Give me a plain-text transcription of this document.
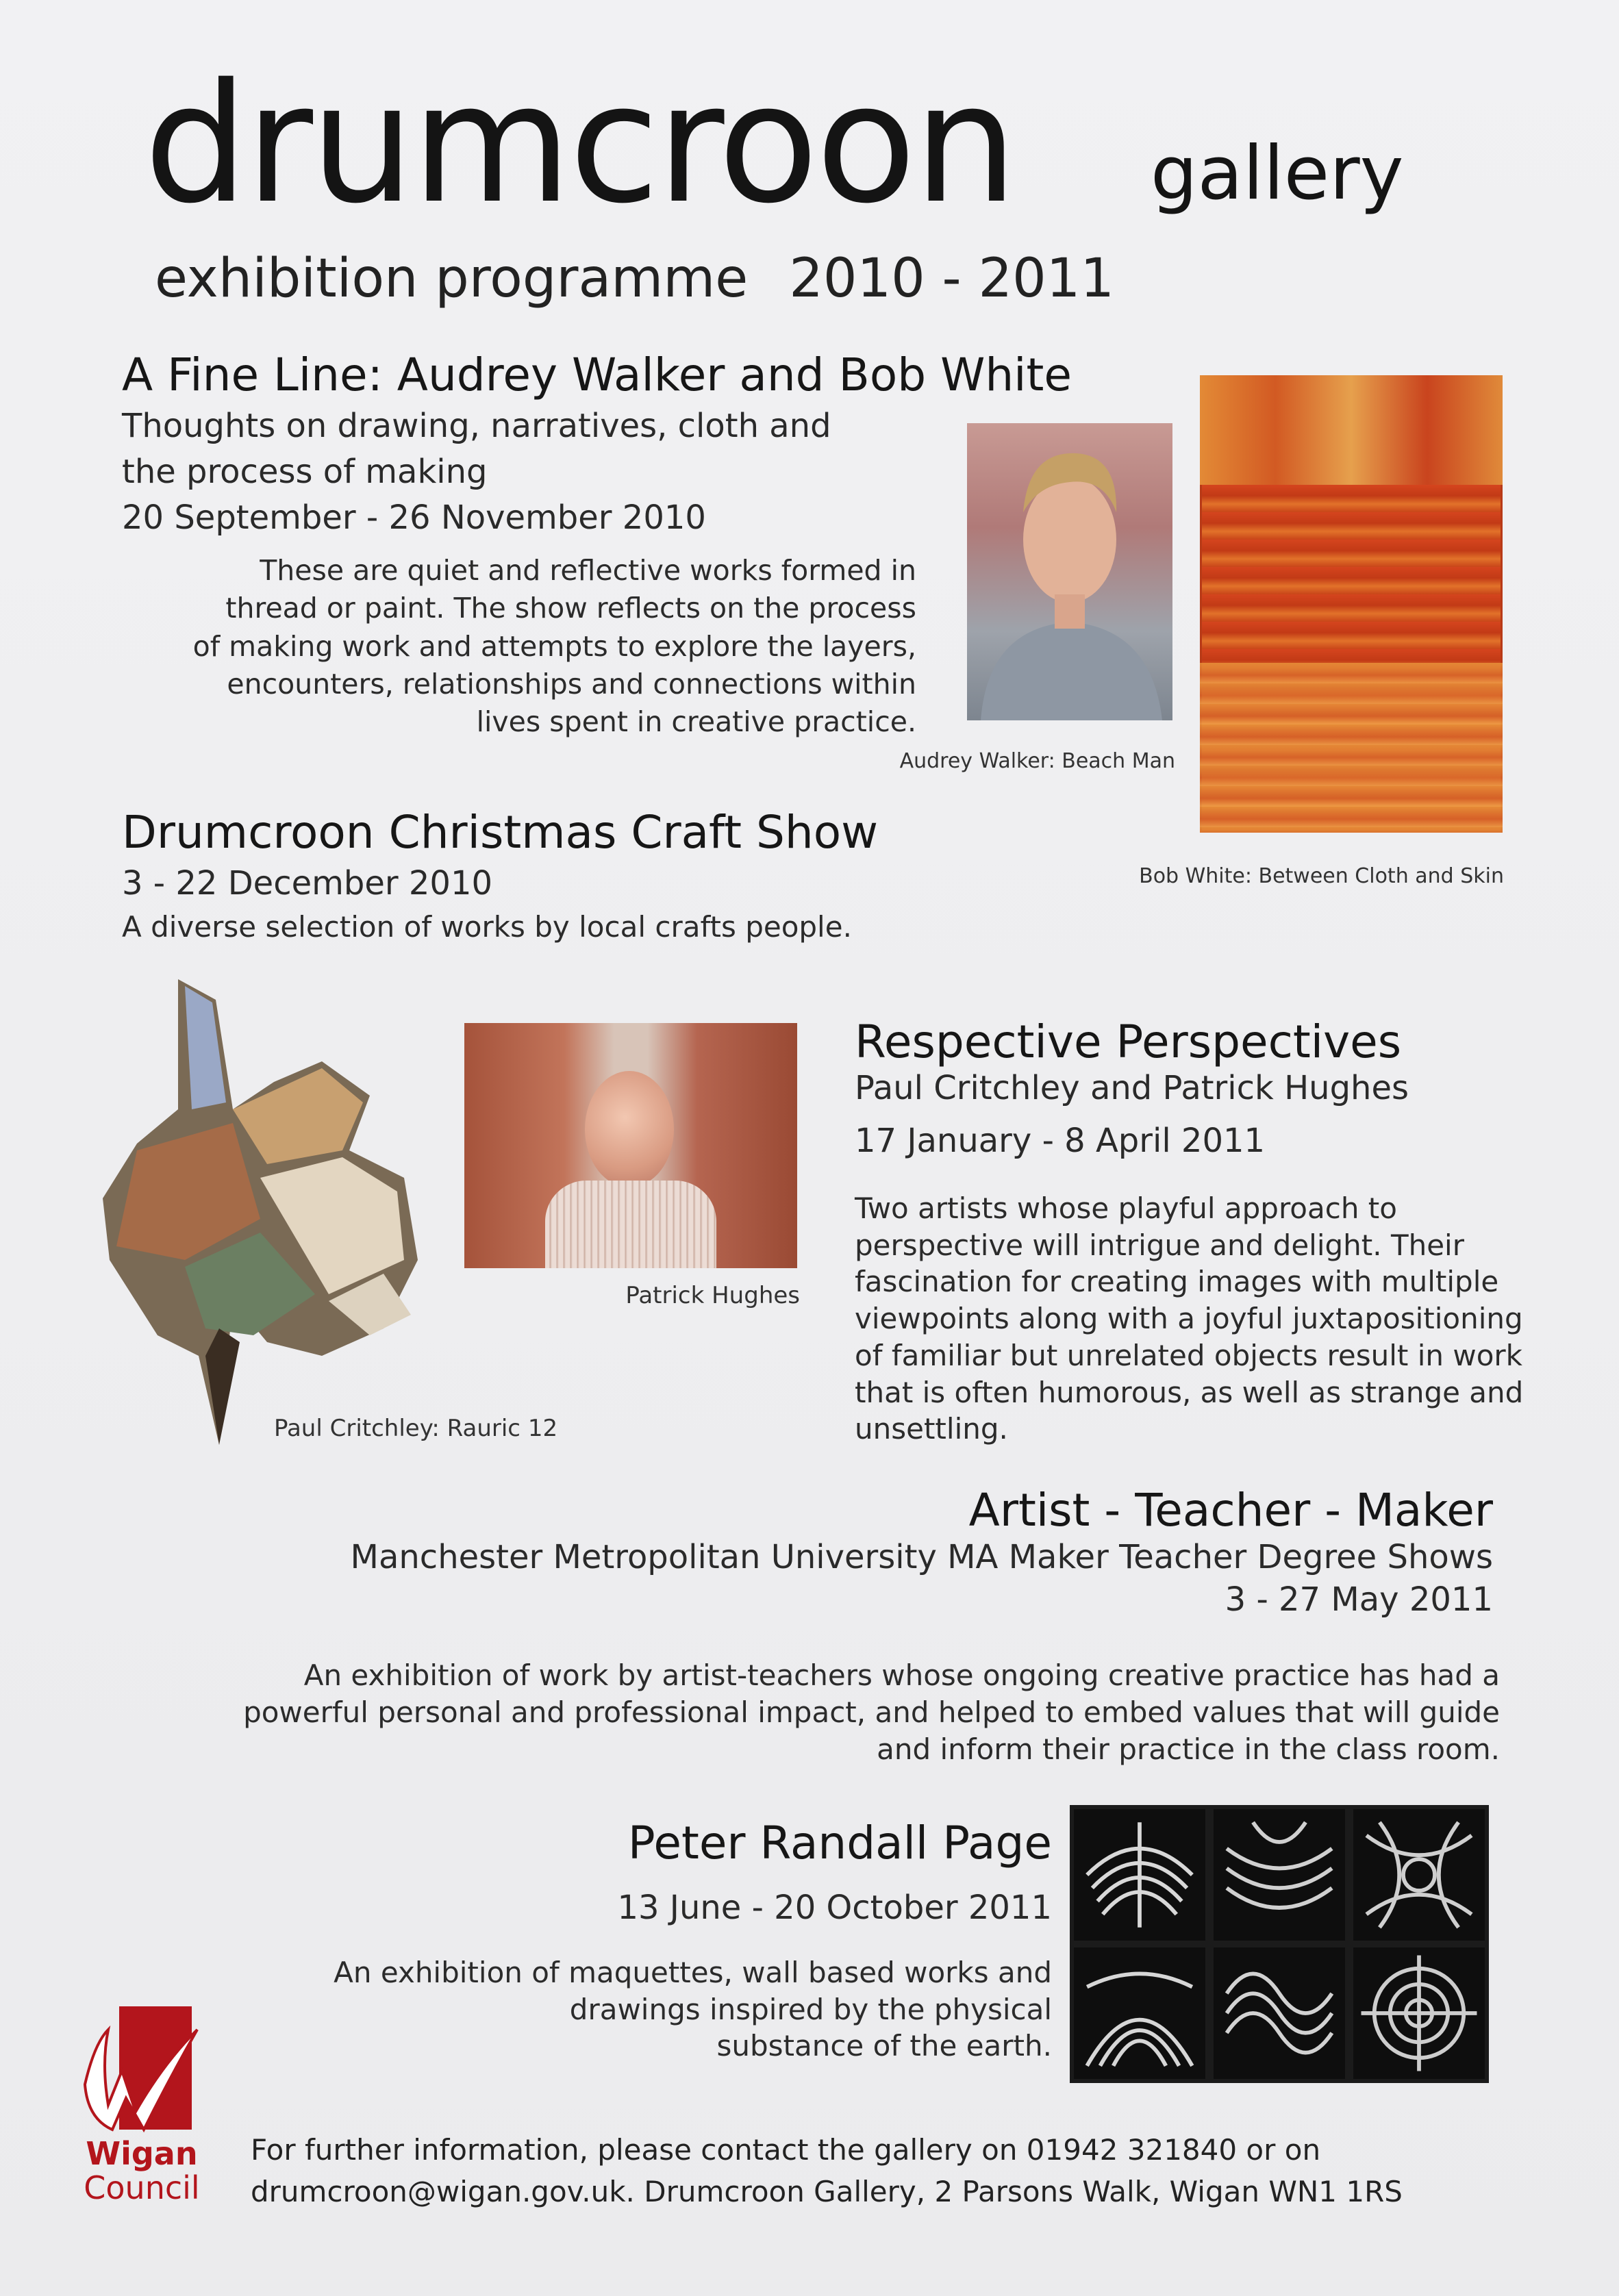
drumcroon gallery
exhibition programme 2010 - 2011
A Fine Line: Audrey Walker and Bob White
Thoughts on drawing, narratives, cloth and
the process of making
20 September - 26 November 2010
These are quiet and reflective works formed in
thread or paint. The show reflects on the process
of making work and attempts to explore the layers,
encounters, relationships and connections within
lives spent in creative practice.
Audrey Walker: Beach Man
Bob White: Between Cloth and Skin
Drumcroon Christmas Craft Show
3 - 22 December 2010
A diverse selection of works by local crafts people.
Patrick Hughes
Paul Critchley: Rauric 12
Respective Perspectives
Paul Critchley and Patrick Hughes
17 January - 8 April 2011
Two artists whose playful approach to
perspective will intrigue and delight. Their
fascination for creating images with multiple
viewpoints along with a joyful juxtapositioning
of familiar but unrelated objects result in work
that is often humorous, as well as strange and
unsettling.
Artist - Teacher - Maker
Manchester Metropolitan University MA Maker Teacher Degree Shows
3 - 27 May 2011
An exhibition of work by artist-teachers whose ongoing creative practice has had a
powerful personal and professional impact, and helped to embed values that will guide
and inform their practice in the class room.
Peter Randall Page
13 June - 20 October 2011
An exhibition of maquettes, wall based works and
drawings inspired by the physical
substance of the earth.
Wigan
Council
For further information, please contact the gallery on 01942 321840 or on
drumcroon@wigan.gov.uk. Drumcroon Gallery, 2 Parsons Walk, Wigan WN1 1RS
